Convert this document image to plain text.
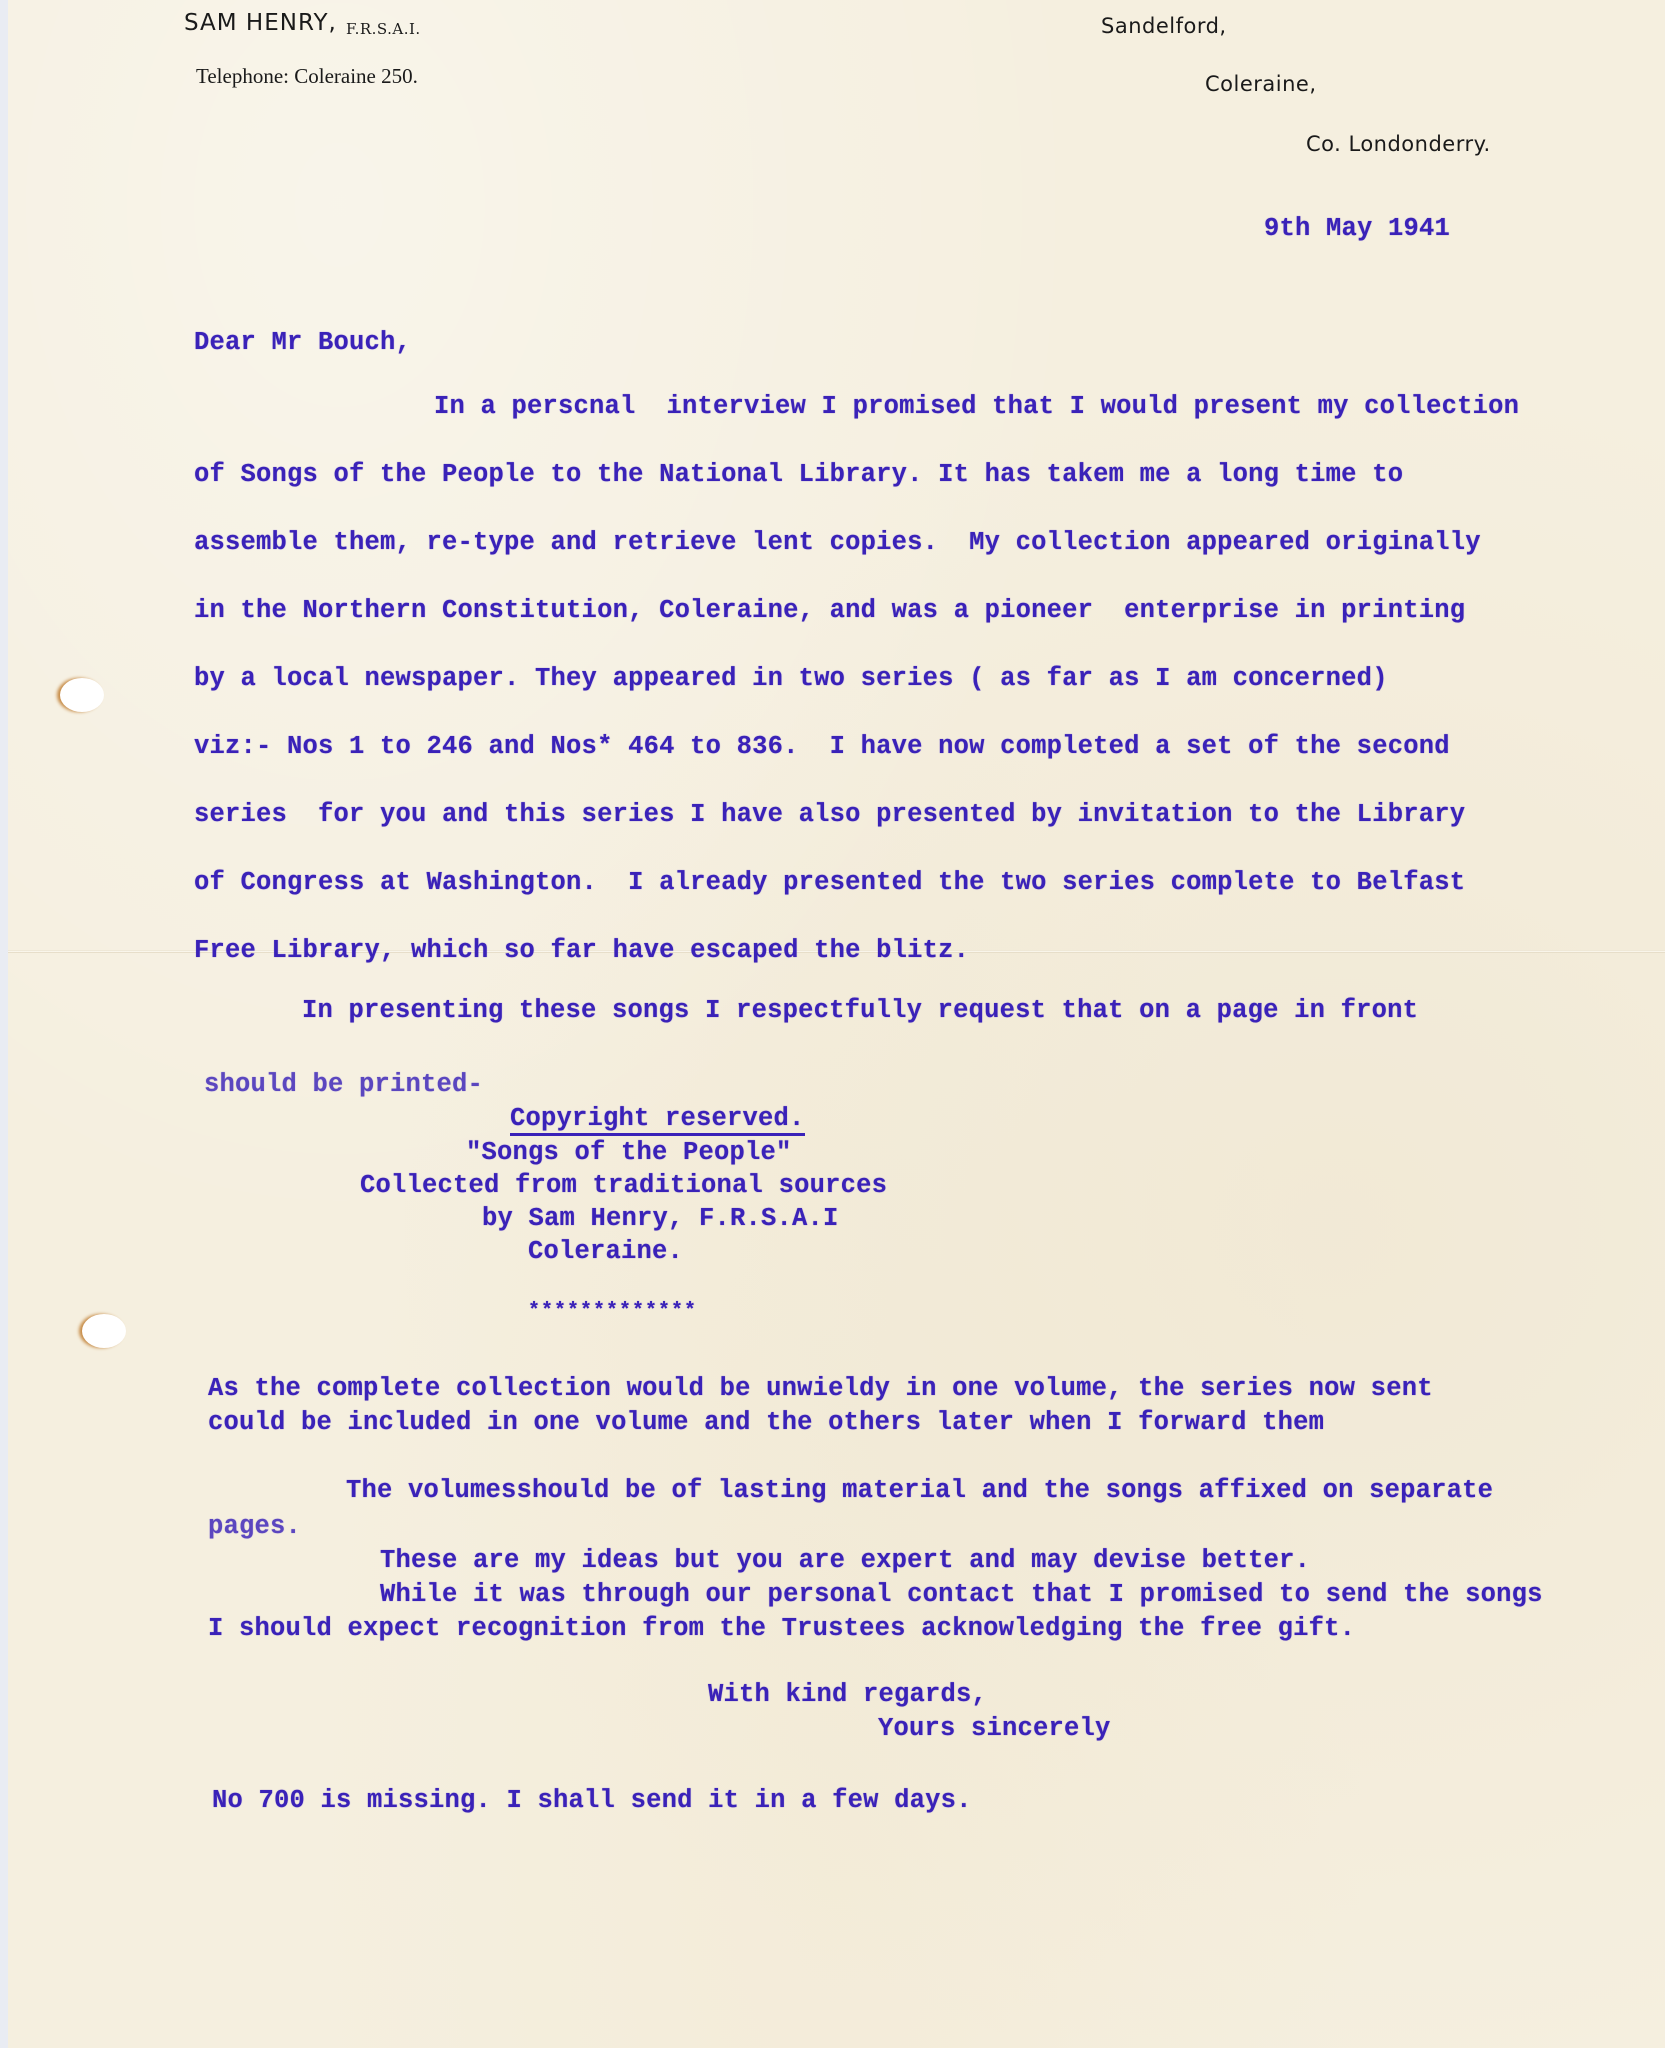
SAM HENRY, F.R.S.A.I.
Telephone: Coleraine 250.
Sandelford,
Coleraine,
Co. Londonderry.
9th May 1941
Dear Mr Bouch,
In a perscnal  interview I promised that I would present my collection
of Songs of the People to the National Library. It has takem me a long time to
assemble them, re-type and retrieve lent copies.  My collection appeared originally
in the Northern Constitution, Coleraine, and was a pioneer  enterprise in printing
by a local newspaper. They appeared in two series ( as far as I am concerned)
viz:- Nos 1 to 246 and Nos* 464 to 836.  I have now completed a set of the second
series  for you and this series I have also presented by invitation to the Library
of Congress at Washington.  I already presented the two series complete to Belfast
Free Library, which so far have escaped the blitz.
In presenting these songs I respectfully request that on a page in front
should be printed-
Copyright reserved.
"Songs of the People"
Collected from traditional sources
by Sam Henry, F.R.S.A.I
Coleraine.
*************
As the complete collection would be unwieldy in one volume, the series now sent
could be included in one volume and the others later when I forward them
The volumesshould be of lasting material and the songs affixed on separate
pages.
These are my ideas but you are expert and may devise better.
While it was through our personal contact that I promised to send the songs
I should expect recognition from the Trustees acknowledging the free gift.
With kind regards,
Yours sincerely
No 700 is missing. I shall send it in a few days.
